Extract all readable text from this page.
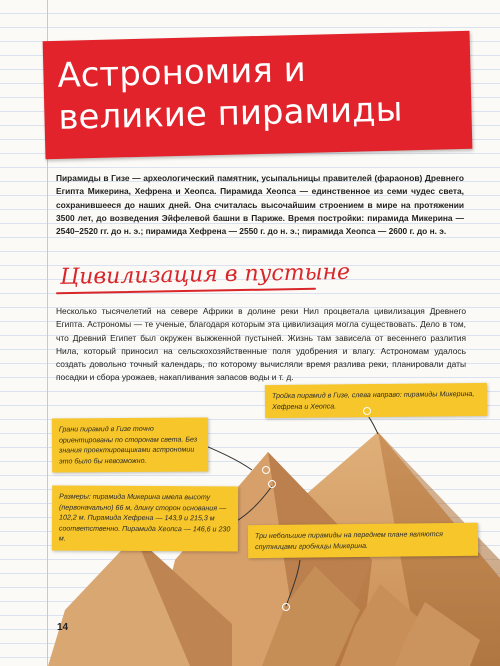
Астрономия и великие пирамиды
Пирамиды в Гизе — археологический памятник, усыпальницы правителей (фараонов) Древнего Египта Микерина, Хефрена и Хеопса. Пирамида Хеопса — единственное из семи чудес света, сохранившееся до наших дней. Она считалась высочайшим строением в мире на протяжении 3500 лет, до возведения Эйфелевой башни в Париже. Время постройки: пирамида Микерина — 2540–2520 гг. до н. э.; пирамида Хефрена — 2550 г. до н. э.; пирамида Хеопса — 2600 г. до н. э.
Цивилизация в пустыне
Несколько тысячелетий на севере Африки в долине реки Нил процветала цивилизация Древнего Египта. Астрономы — те ученые, благодаря которым эта цивилизация могла существовать. Дело в том, что Древний Египет был окружен выжженной пустыней. Жизнь там зависела от весеннего разлития Нила, который приносил на сельскохозяйственные поля удобрения и влагу. Астрономам удалось создать довольно точный календарь, по которому вычисляли время разлива реки, планировали даты посадки и сбора урожаев, накапливания запасов воды и т. д.
Тройка пирамид в Гизе, слева направо: пирамиды Микерина, Хефрена и Хеопса.
Грани пирамид в Гизе точно ориентированы по сторонам света. Без знания проектировщиками астрономии это было бы невозможно.
Размеры: пирамида Микерина имела высоту (первоначально) 66 м, длину сторон основания — 102,2 м. Пирамида Хефрена — 143,9 и 215,3 м соответственно. Пирамида Хеопса — 146,6 и 230 м.	Три небольшие пирамиды на переднем плане являются спутницами гробницы Микерина.
14
